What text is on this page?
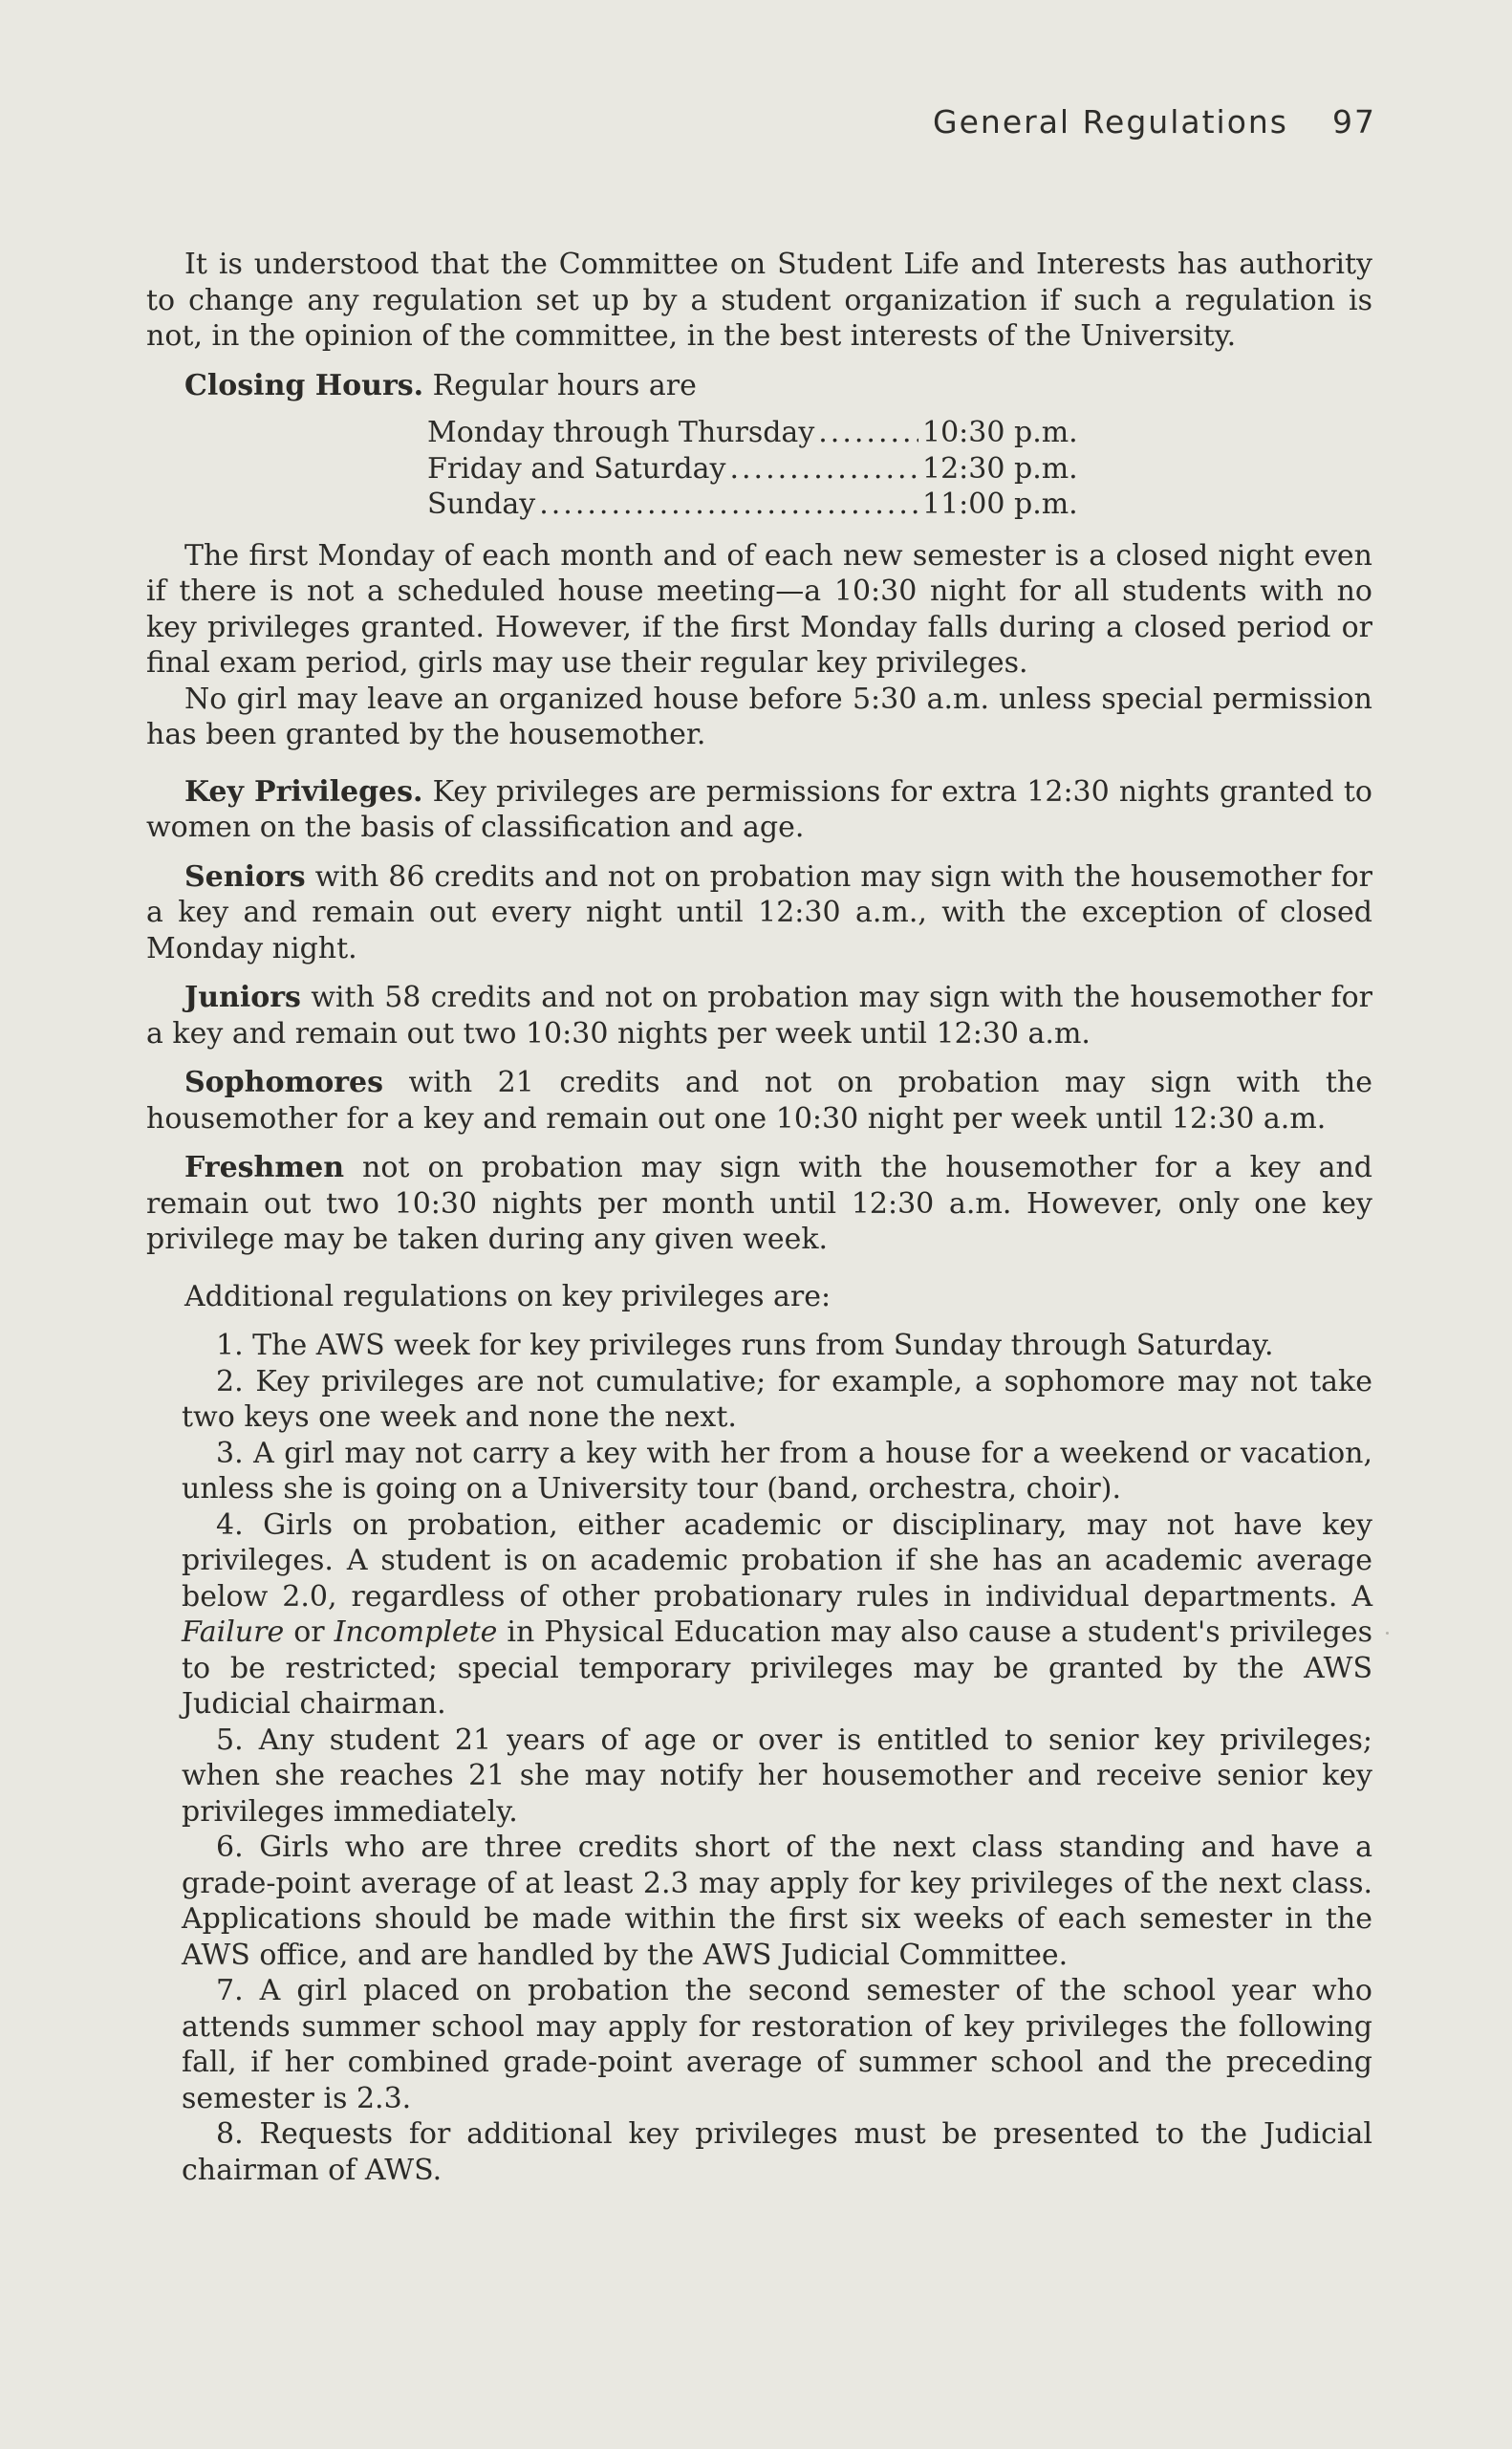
General Regulations 97

It is understood that the Committee on Student Life and Interests has authority to change any regulation set up by a student organization if such a regulation is not, in the opinion of the committee, in the best interests of the University.

Closing Hours. Regular hours are

Monday through Thursday .....	10:30 p.m.
Friday and Saturday .....	12:30 p.m.
Sunday .....	11:00 p.m.

The first Monday of each month and of each new semester is a closed night even if there is not a scheduled house meeting—a 10:30 night for all students with no key privileges granted. However, if the first Monday falls during a closed period or final exam period, girls may use their regular key privileges.

No girl may leave an organized house before 5:30 a.m. unless special permission has been granted by the housemother.

Key Privileges. Key privileges are permissions for extra 12:30 nights granted to women on the basis of classification and age.

Seniors with 86 credits and not on probation may sign with the housemother for a key and remain out every night until 12:30 a.m., with the exception of closed Monday night.

Juniors with 58 credits and not on probation may sign with the housemother for a key and remain out two 10:30 nights per week until 12:30 a.m.

Sophomores with 21 credits and not on probation may sign with the housemother for a key and remain out one 10:30 night per week until 12:30 a.m.

Freshmen not on probation may sign with the housemother for a key and remain out two 10:30 nights per month until 12:30 a.m. However, only one key privilege may be taken during any given week.

Additional regulations on key privileges are:

1. The AWS week for key privileges runs from Sunday through Saturday.

2. Key privileges are not cumulative; for example, a sophomore may not take two keys one week and none the next.

3. A girl may not carry a key with her from a house for a weekend or vacation, unless she is going on a University tour (band, orchestra, choir).

4. Girls on probation, either academic or disciplinary, may not have key privileges. A student is on academic probation if she has an academic average below 2.0, regardless of other probationary rules in individual departments. A Failure or Incomplete in Physical Education may also cause a student's privileges to be restricted; special temporary privileges may be granted by the AWS Judicial chairman.

5. Any student 21 years of age or over is entitled to senior key privileges; when she reaches 21 she may notify her housemother and receive senior key privileges immediately.

6. Girls who are three credits short of the next class standing and have a grade-point average of at least 2.3 may apply for key privileges of the next class. Applications should be made within the first six weeks of each semester in the AWS office, and are handled by the AWS Judicial Committee.

7. A girl placed on probation the second semester of the school year who attends summer school may apply for restoration of key privileges the following fall, if her combined grade-point average of summer school and the preceding semester is 2.3.

8. Requests for additional key privileges must be presented to the Judicial chairman of AWS.
